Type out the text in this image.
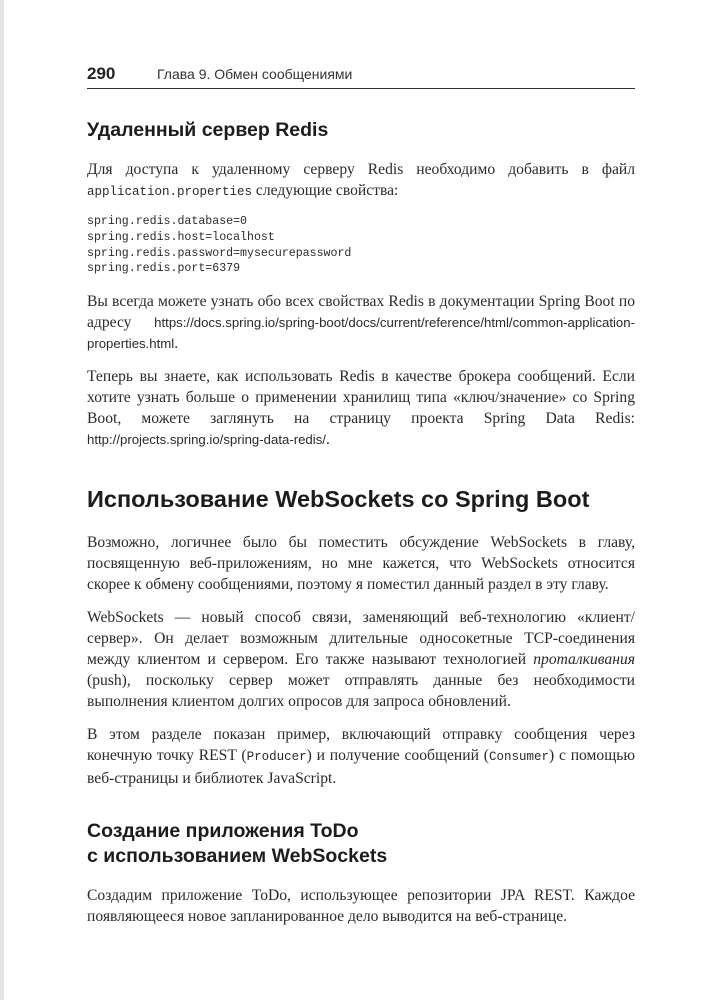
290	Глава 9. Обмен сообщениями
Удаленный сервер Redis

Для доступа к удаленному серверу Redis необходимо добавить в файл application.properties следующие свойства:

spring.redis.database=0
spring.redis.host=localhost
spring.redis.password=mysecurepassword
spring.redis.port=6379

Вы всегда можете узнать обо всех свойствах Redis в документации Spring Boot по адресу https://docs.spring.io/spring-boot/docs/current/reference/html/common-application-properties.html.

Теперь вы знаете, как использовать Redis в качестве брокера сообщений. Если хотите узнать больше о применении хранилищ типа «ключ/значение» со Spring Boot, можете заглянуть на страницу проекта Spring Data Redis: http://projects.spring.io/spring-data-redis/.

Использование WebSockets со Spring Boot

Возможно, логичнее было бы поместить обсуждение WebSockets в главу, посвященную веб-приложениям, но мне кажется, что WebSockets относится скорее к обмену сообщениями, поэтому я поместил данный раздел в эту главу.

WebSockets — новый способ связи, заменяющий веб-технологию «клиент/сервер». Он делает возможным длительные односокетные TCP-соединения между клиентом и сервером. Его также называют технологией проталкивания (push), поскольку сервер может отправлять данные без необходимости выполнения клиентом долгих опросов для запроса обновлений.

В этом разделе показан пример, включающий отправку сообщения через конечную точку REST (Producer) и получение сообщений (Consumer) с помощью веб-страницы и библиотек JavaScript.

Создание приложения ToDo
с использованием WebSockets

Создадим приложение ToDo, использующее репозитории JPA REST. Каждое появляющееся новое запланированное дело выводится на веб-странице.
